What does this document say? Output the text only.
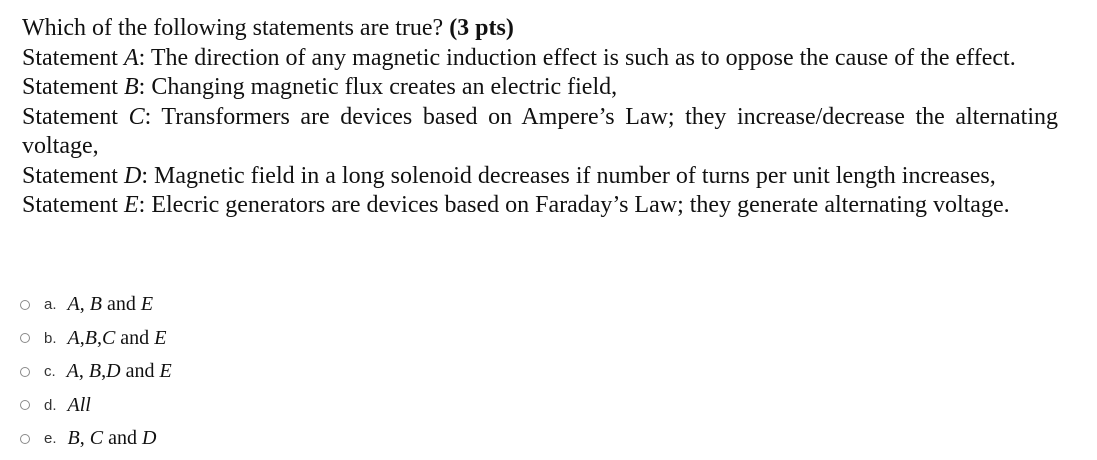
Which of the following statements are true? (3 pts)

Statement A: The direction of any magnetic induction effect is such as to oppose the cause of the effect.

Statement B: Changing magnetic flux creates an electric field,

Statement C: Transformers are devices based on Ampere’s Law; they increase/decrease the alternating voltage,

Statement D: Magnetic field in a long solenoid decreases if number of turns per unit length increases,

Statement E: Elecric generators are devices based on Faraday’s Law; they generate alternating voltage.

a. A, B and E
b. A,B,C and E
c. A, B,D and E
d. All
e. B, C and D
